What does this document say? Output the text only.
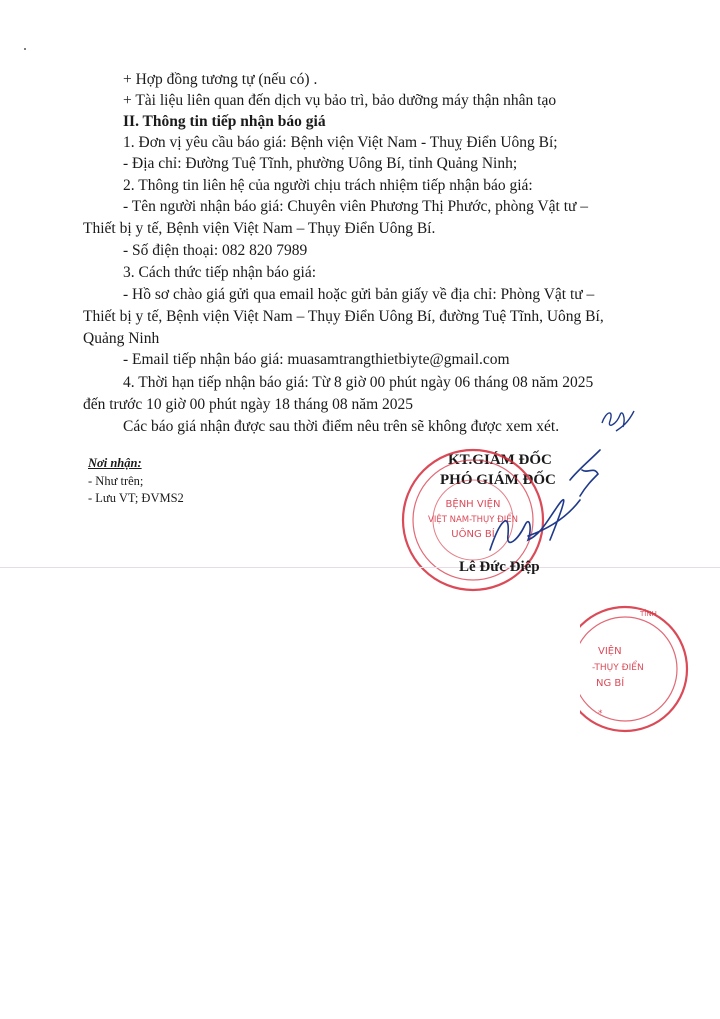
+ Hợp đồng tương tự (nếu có) .
+ Tài liệu liên quan đến dịch vụ bảo trì, bảo dưỡng máy thận nhân tạo
II. Thông tin tiếp nhận báo giá
1. Đơn vị yêu cầu báo giá: Bệnh viện Việt Nam - Thuỵ Điển Uông Bí;
- Địa chỉ: Đường Tuệ Tĩnh, phường Uông Bí, tỉnh Quảng Ninh;
2. Thông tin liên hệ của người chịu trách nhiệm tiếp nhận báo giá:
- Tên người nhận báo giá: Chuyên viên Phương Thị Phước, phòng Vật tư –
Thiết bị y tế, Bệnh viện Việt Nam – Thụy Điển Uông Bí.
- Số điện thoại: 082 820 7989
3. Cách thức tiếp nhận báo giá:
- Hồ sơ chào giá gửi qua email hoặc gửi bản giấy về địa chỉ: Phòng Vật tư –
Thiết bị y tế, Bệnh viện Việt Nam – Thụy Điển Uông Bí, đường Tuệ Tĩnh, Uông Bí,
Quảng Ninh
- Email tiếp nhận báo giá: muasamtrangthietbiyte@gmail.com
4. Thời hạn tiếp nhận báo giá: Từ 8 giờ 00 phút ngày 06 tháng 08 năm 2025
đến trước 10 giờ 00 phút ngày 18 tháng 08 năm 2025
Các báo giá nhận được sau thời điểm nêu trên sẽ không được xem xét.
Nơi nhận:
- Như trên;
- Lưu VT; ĐVMS2
KT.GIÁM ĐỐC
PHÓ GIÁM ĐỐC
BỆNH VIỆN
VIỆT NAM-THỤY ĐIỂN
UÔNG BÍ
Lê Đức Điệp
TỈNH
VIỆN
-THỤY ĐIỂN
NG BÍ
*
